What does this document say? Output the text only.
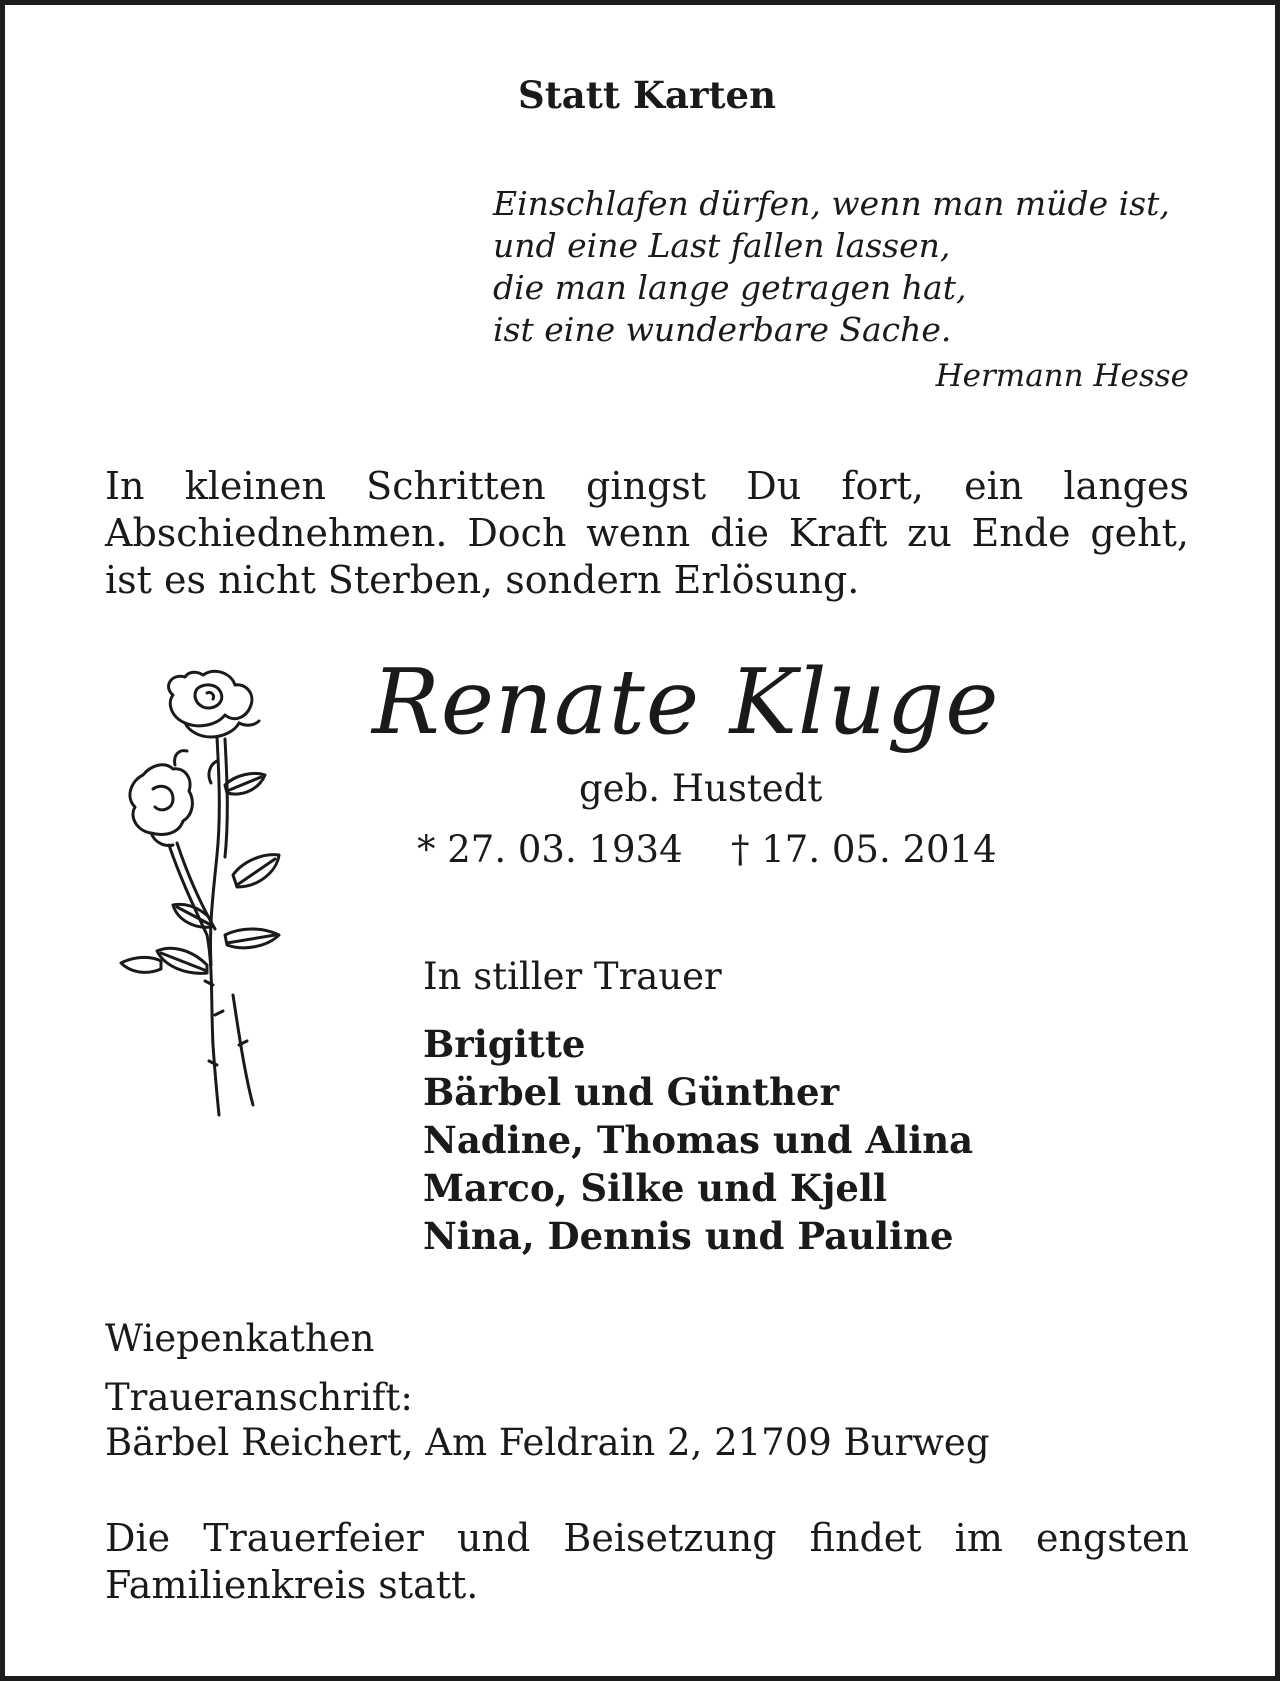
Statt Karten

Einschlafen dürfen, wenn man müde ist,
und eine Last fallen lassen,
die man lange getragen hat,
ist eine wunderbare Sache.

Hermann Hesse

In kleinen Schritten gingst Du fort, ein langes Abschiednehmen. Doch wenn die Kraft zu Ende geht, ist es nicht Sterben, sondern Erlösung.

Renate Kluge

geb. Hustedt

* 27. 03. 1934 † 17. 05. 2014

In stiller Trauer

Brigitte
Bärbel und Günther
Nadine, Thomas und Alina
Marco, Silke und Kjell
Nina, Dennis und Pauline

Wiepenkathen

Traueranschrift:

Bärbel Reichert, Am Feldrain 2, 21709 Burweg

Die Trauerfeier und Beisetzung findet im engsten Familienkreis statt.
